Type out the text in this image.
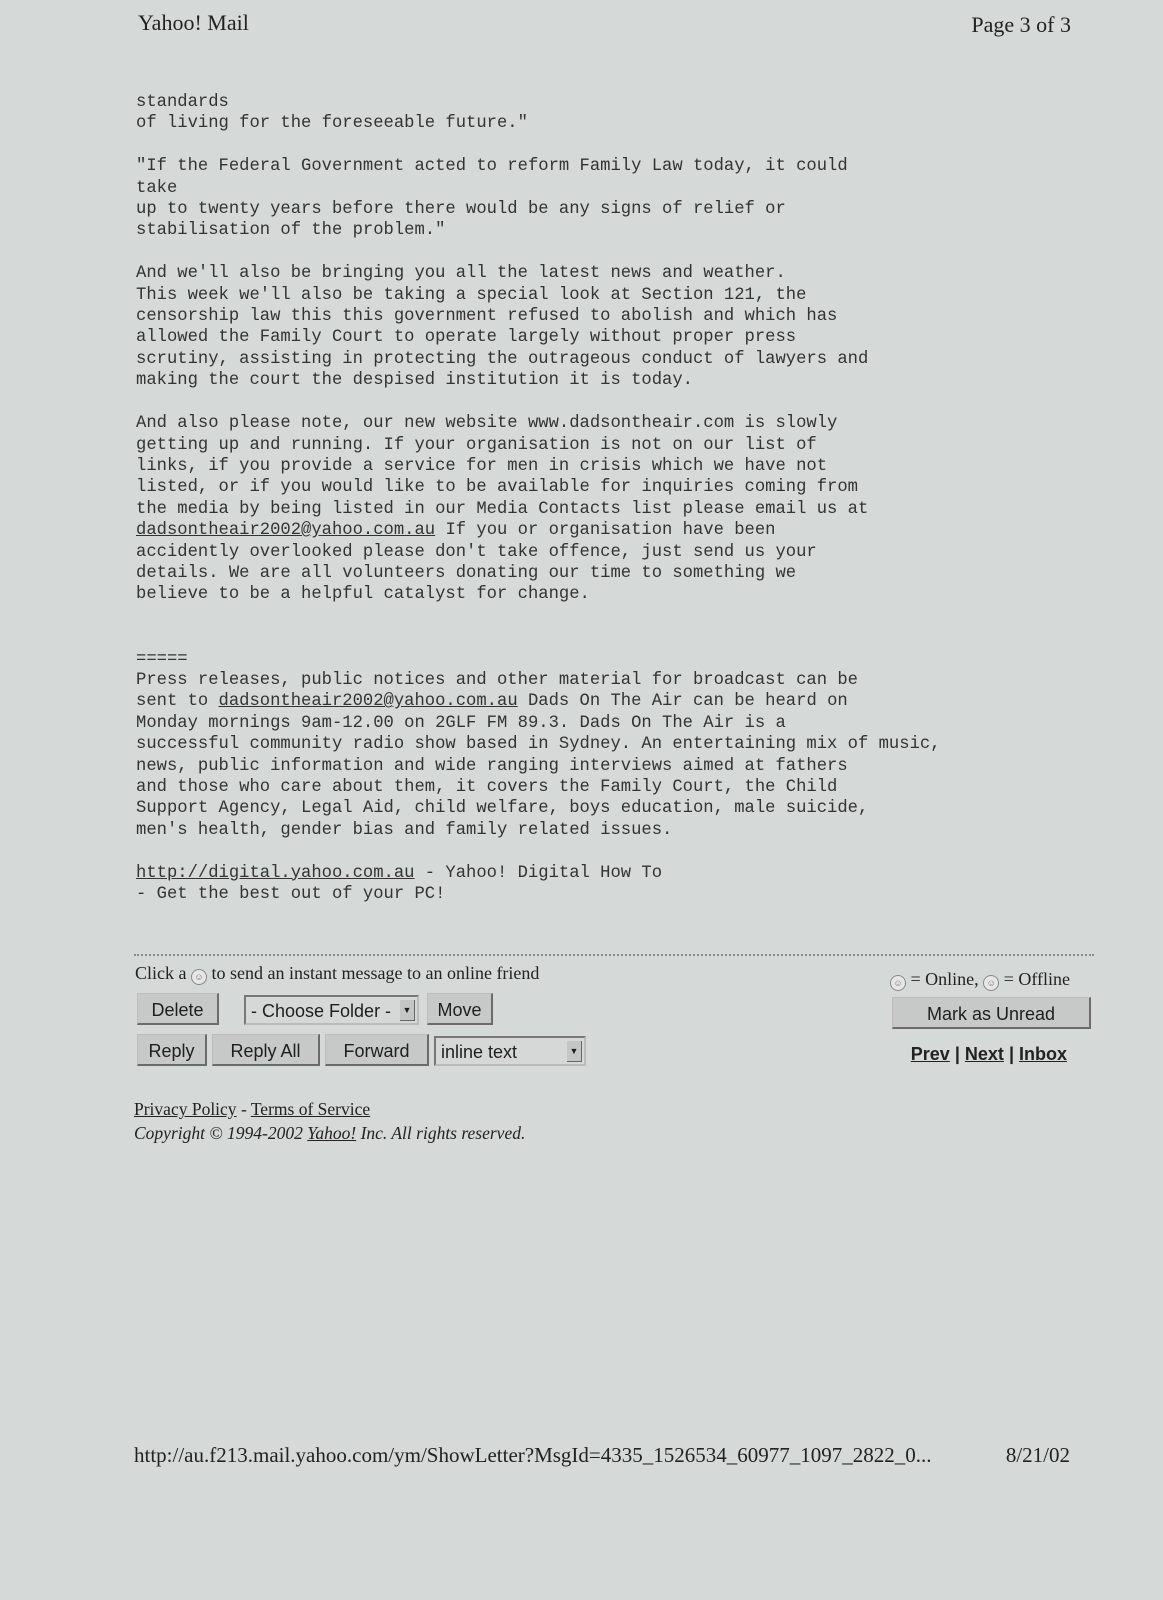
Yahoo! Mail	Page 3 of 3
standards
of living for the foreseeable future."

"If the Federal Government acted to reform Family Law today, it could
take
up to twenty years before there would be any signs of relief or
stabilisation of the problem."

And we'll also be bringing you all the latest news and weather.
This week we'll also be taking a special look at Section 121, the
censorship law this this government refused to abolish and which has
allowed the Family Court to operate largely without proper press
scrutiny, assisting in protecting the outrageous conduct of lawyers and
making the court the despised institution it is today.

And also please note, our new website www.dadsontheair.com is slowly
getting up and running. If your organisation is not on our list of
links, if you provide a service for men in crisis which we have not
listed, or if you would like to be available for inquiries coming from
the media by being listed in our Media Contacts list please email us at
dadsontheair2002@yahoo.com.au If you or organisation have been
accidently overlooked please don't take offence, just send us your
details. We are all volunteers donating our time to something we
believe to be a helpful catalyst for change.

=====
Press releases, public notices and other material for broadcast can be
sent to dadsontheair2002@yahoo.com.au Dads On The Air can be heard on
Monday mornings 9am-12.00 on 2GLF FM 89.3. Dads On The Air is a
successful community radio show based in Sydney. An entertaining mix of music,
news, public information and wide ranging interviews aimed at fathers
and those who care about them, it covers the Family Court, the Child
Support Agency, Legal Aid, child welfare, boys education, male suicide,
men's health, gender bias and family related issues.

http://digital.yahoo.com.au - Yahoo! Digital How To
- Get the best out of your PC!
Click a ☺ to send an instant message to an online friend	☺ = Online, ☺ = Offline
Delete	- Choose Folder - ▼	Move
Reply	Reply All	Forward	inline text	▼
Mark as Unread
Prev | Next | Inbox
Privacy Policy - Terms of Service
Copyright © 1994-2002 Yahoo! Inc. All rights reserved.
http://au.f213.mail.yahoo.com/ym/ShowLetter?MsgId=4335_1526534_60977_1097_2822_0...	8/21/02
